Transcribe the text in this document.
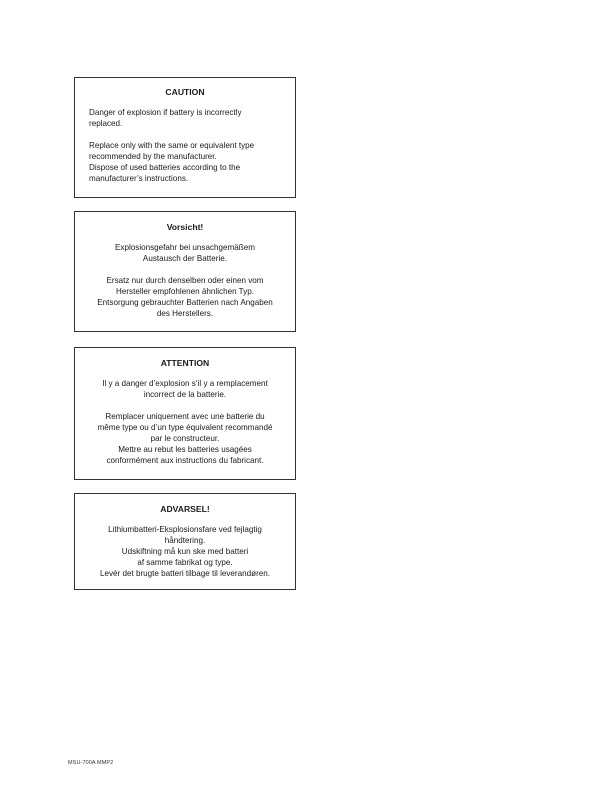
CAUTION

Danger of explosion if battery is incorrectly

replaced.

Replace only with the same or equivalent type

recommended by the manufacturer.

Dispose of used batteries according to the

manufacturer’s instructions.

Vorsicht!

Explosionsgefahr bei unsachgemäßem

Austausch der Batterie.

Ersatz nur durch denselben oder einen vom

Hersteller empfohlenen ähnlichen Typ.

Entsorgung gebrauchter Batterien nach Angaben

des Herstellers.

ATTENTION

Il y a danger d’explosion s’il y a remplacement

incorrect de la batterie.

Remplacer uniquement avec une batterie du

même type ou d’un type équivalent recommandé

par le constructeur.

Mettre au rebut les batteries usagées

conformément aux instructions du fabricant.

ADVARSEL!

Lithiumbatteri-Eksplosionsfare ved fejlagtig

håndtering.

Udskiftning må kun ske med batteri

af samme fabrikat og type.

Levér det brugte batteri tilbage til leverandøren.

MSU-700A MMP2
